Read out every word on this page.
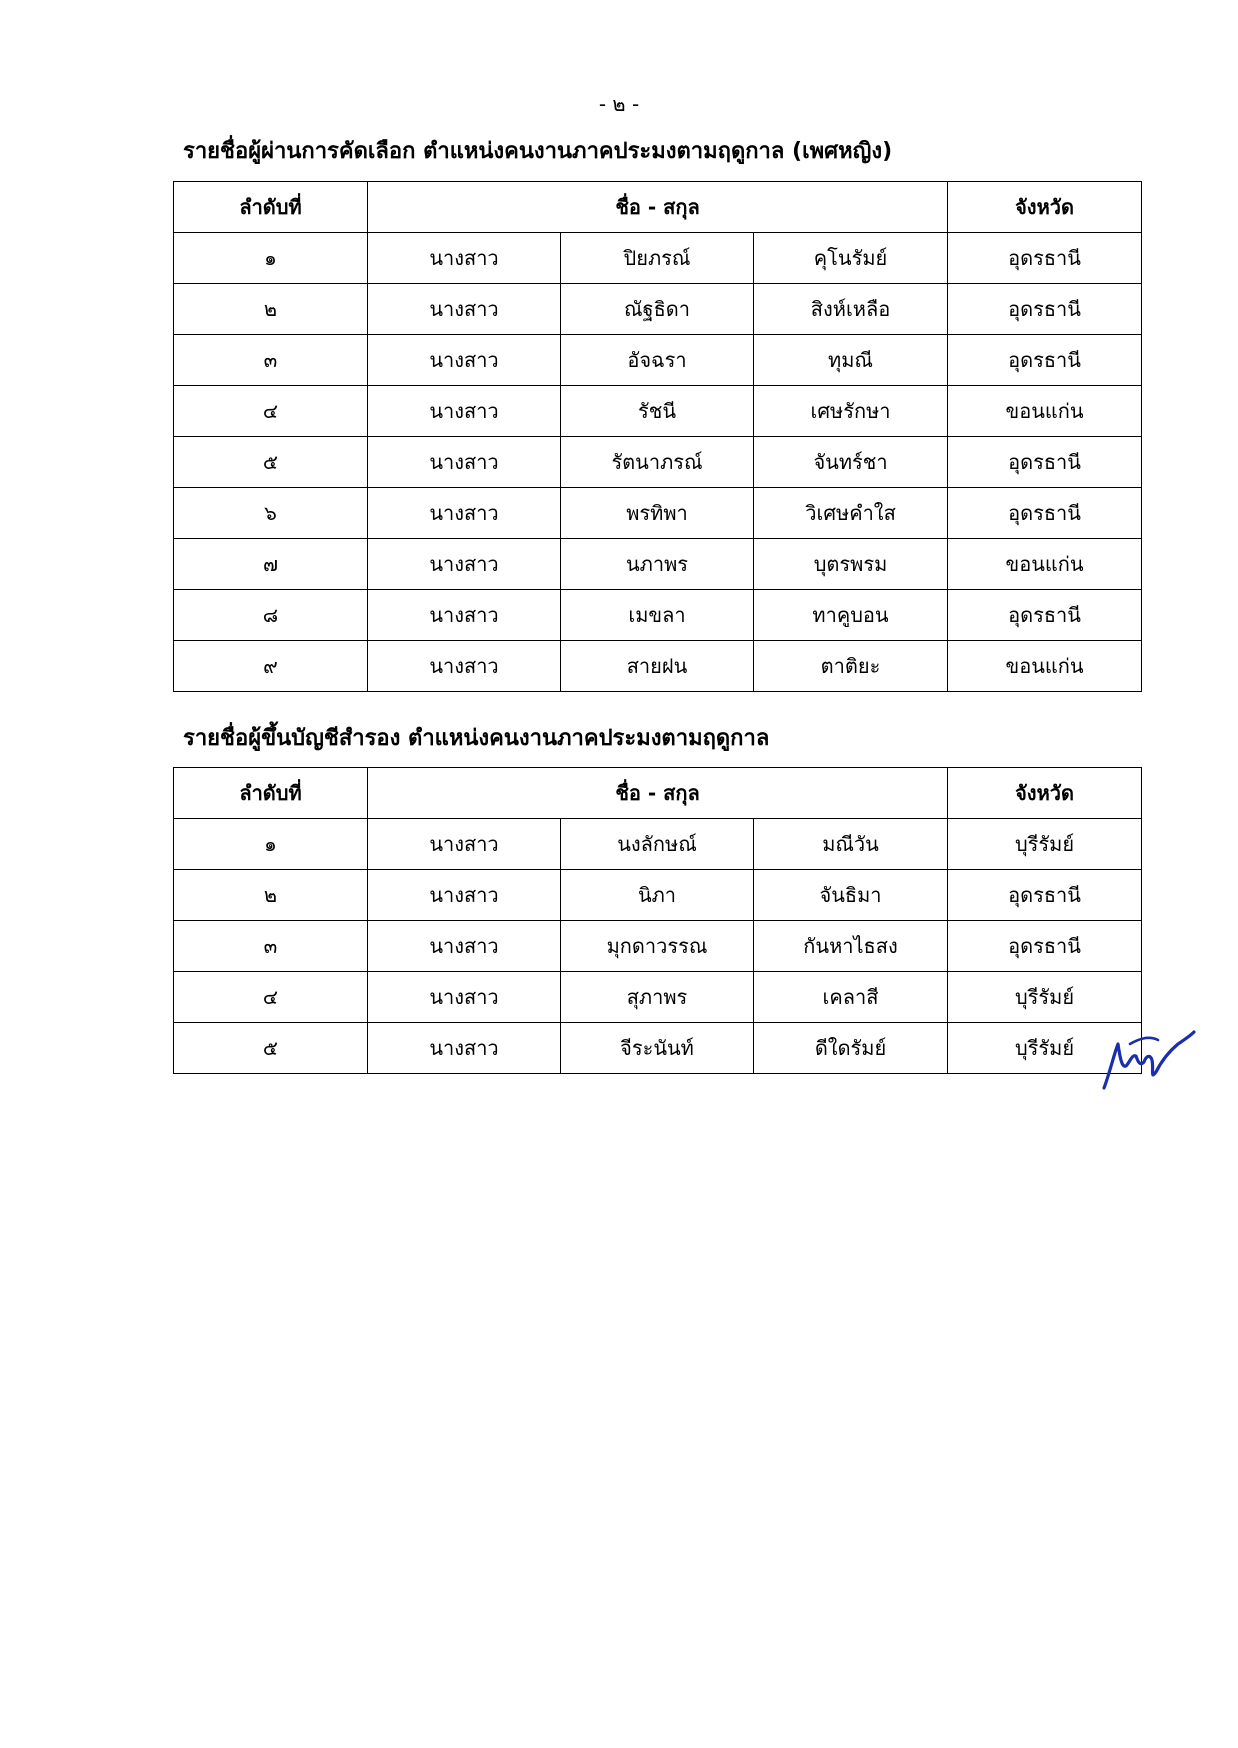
- ๒ -
รายชื่อผู้ผ่านการคัดเลือก ตำแหน่งคนงานภาคประมงตามฤดูกาล (เพศหญิง)
ลำดับที่	ชื่อ - สกุล			จังหวัด
๑	นางสาว	ปิยภรณ์	คุโนรัมย์	อุดรธานี
๒	นางสาว	ณัฐธิดา	สิงห์เหลือ	อุดรธานี
๓	นางสาว	อัจฉรา	ทุมณี	อุดรธานี
๔	นางสาว	รัชนี	เศษรักษา	ขอนแก่น
๕	นางสาว	รัตนาภรณ์	จันทร์ชา	อุดรธานี
๖	นางสาว	พรทิพา	วิเศษคำใส	อุดรธานี
๗	นางสาว	นภาพร	บุตรพรม	ขอนแก่น
๘	นางสาว	เมขลา	ทาคูบอน	อุดรธานี
๙	นางสาว	สายฝน	ตาติยะ	ขอนแก่น
รายชื่อผู้ขึ้นบัญชีสำรอง ตำแหน่งคนงานภาคประมงตามฤดูกาล
ลำดับที่	ชื่อ - สกุล			จังหวัด
๑	นางสาว	นงลักษณ์	มณีวัน	บุรีรัมย์
๒	นางสาว	นิภา	จันธิมา	อุดรธานี
๓	นางสาว	มุกดาวรรณ	กันหาไธสง	อุดรธานี
๔	นางสาว	สุภาพร	เคลาสี	บุรีรัมย์
๕	นางสาว	จีระนันท์	ดีใดรัมย์	บุรีรัมย์
